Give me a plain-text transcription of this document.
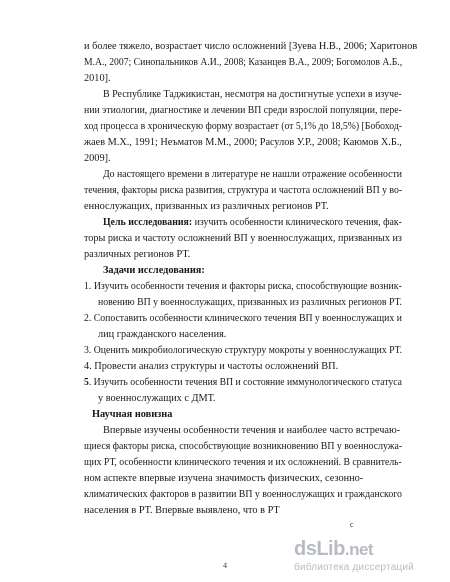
и более тяжело, возрастает число осложнений [Зуева Н.В., 2006; Харитонов
М.А., 2007; Синопальников А.И., 2008; Казанцев В.А., 2009; Богомолов А.Б.,
2010].
В Республике Таджикистан, несмотря на достигнутые успехи в изуче-
нии этиологии, диагностике и лечении ВП среди взрослой популяции, пере-
ход процесса в хроническую форму возрастает (от 5,1% до 18,5%) [Бобоход-
жаев М.Х., 1991; Неъматов М.М., 2000; Расулов У.Р., 2008; Каюмов Х.Б.,
2009].
До настоящего времени в литературе не нашли отражение особенности
течения, факторы риска развития, структура и частота осложнений ВП у во-
еннослужащих, призванных из различных регионов РТ.
Цель исследования: изучить особенности клинического течения, фак-
торы риска и частоту осложнений ВП у военнослужащих, призванных из
различных регионов РТ.
Задачи исследования:
1. Изучить особенности течения и факторы риска, способствующие возник-
новению ВП у военнослужащих, призванных из различных регионов РТ.
2. Сопоставить особенности клинического течения ВП у военнослужащих и
лиц гражданского населения.
3. Оценить микробиологическую структуру мокроты у военнослужащих РТ.
4. Провести анализ структуры и частоты осложнений ВП.
5. Изучить особенности течения ВП и состояние иммунологического статуса
у военнослужащих с ДМТ.
Научная новизна
Впервые изучены особенности течения и наиболее часто встречаю-
щиеся факторы риска, способствующие возникновению ВП у военнослужа-
щих РТ, особенности клинического течения и их осложнений. В сравнитель-
ном аспекте впервые изучена значимость физических, сезонно-
климатических факторов в развитии ВП у военнослужащих и гражданского
населения в РТ. Впервые выявлено, что в РТ
с
4
dsLib.net
библиотека диссертаций
